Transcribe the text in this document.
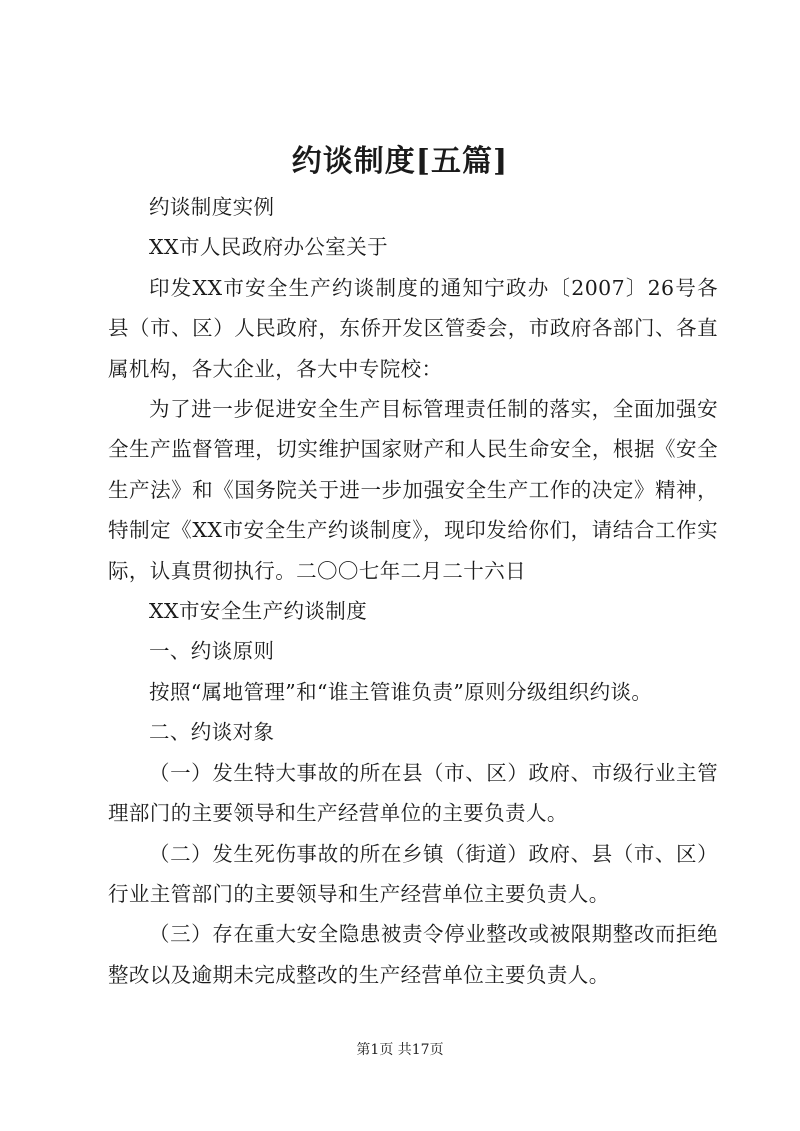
约谈制度[五篇]

约谈制度实例

XX市人民政府办公室关于

印发XX市安全生产约谈制度的通知宁政办〔2007〕26号各县（市、区）人民政府，东侨开发区管委会，市政府各部门、各直属机构，各大企业，各大中专院校：

为了进一步促进安全生产目标管理责任制的落实，全面加强安全生产监督管理，切实维护国家财产和人民生命安全，根据《安全生产法》和《国务院关于进一步加强安全生产工作的决定》精神，特制定《XX市安全生产约谈制度》，现印发给你们，请结合工作实际，认真贯彻执行。二〇〇七年二月二十六日

XX市安全生产约谈制度

一、约谈原则

按照“属地管理”和“谁主管谁负责”原则分级组织约谈。

二、约谈对象

（一）发生特大事故的所在县（市、区）政府、市级行业主管理部门的主要领导和生产经营单位的主要负责人。

（二）发生死伤事故的所在乡镇（街道）政府、县（市、区）行业主管部门的主要领导和生产经营单位主要负责人。

（三）存在重大安全隐患被责令停业整改或被限期整改而拒绝整改以及逾期未完成整改的生产经营单位主要负责人。

第1页 共17页
